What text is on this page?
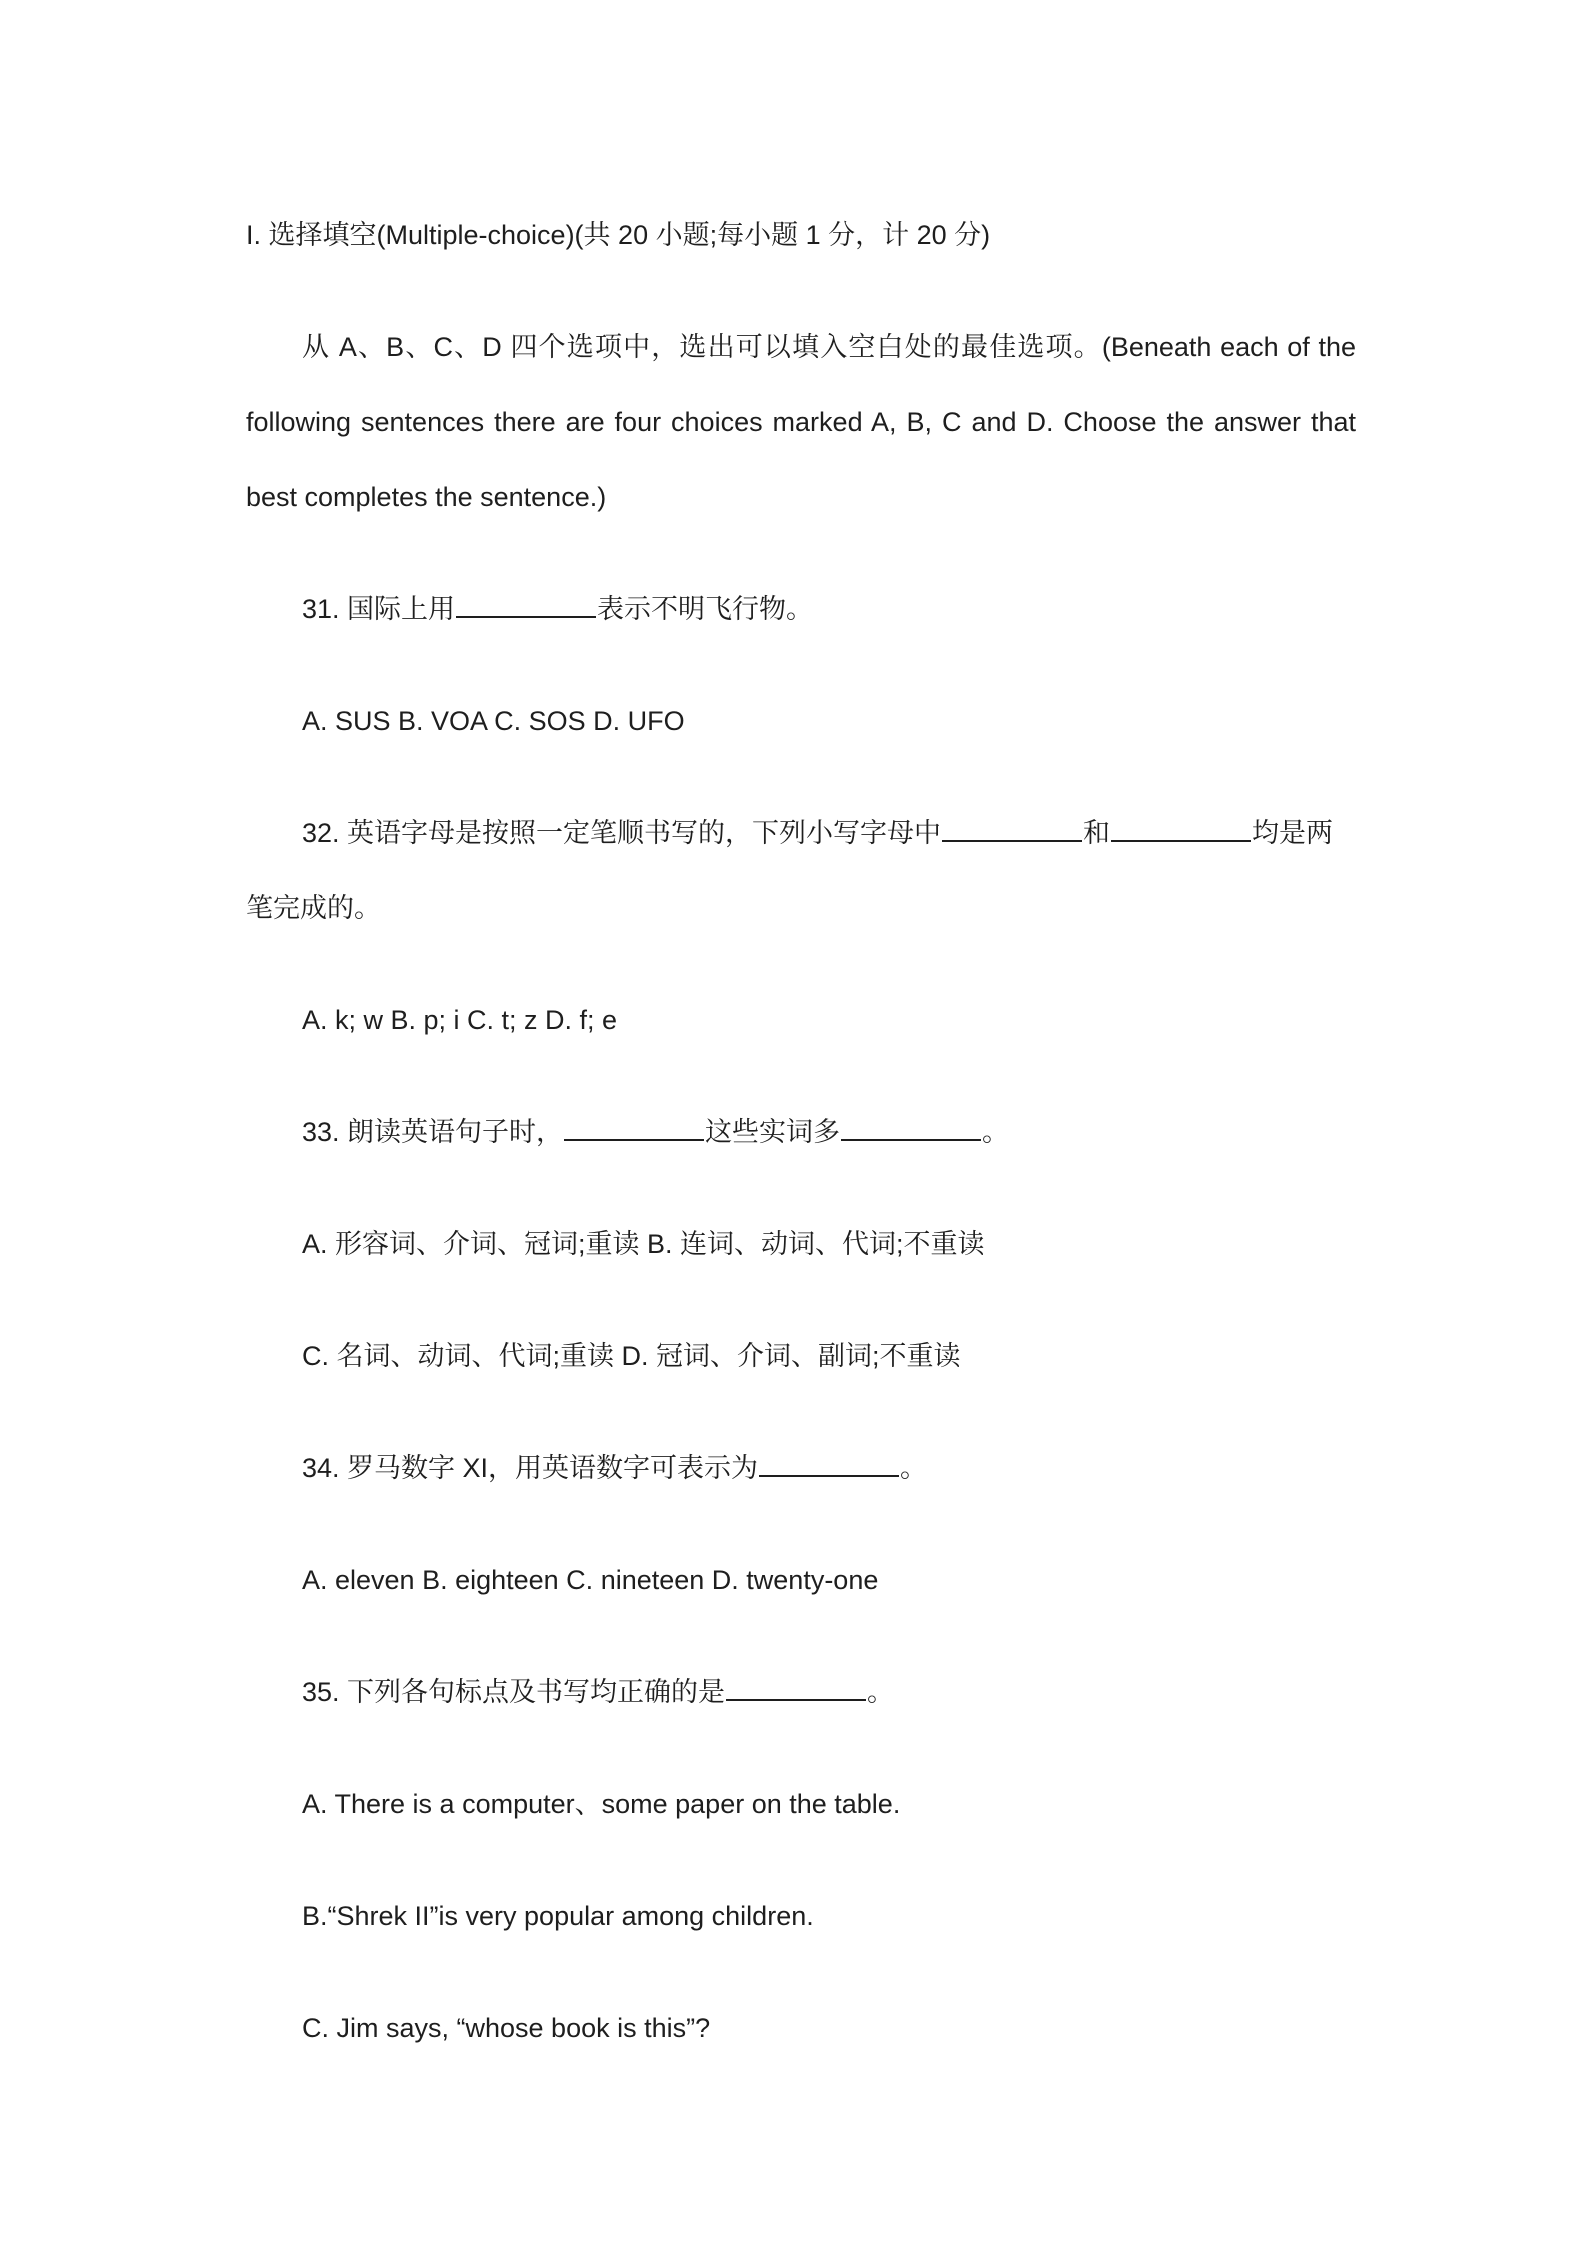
I. 选择填空(Multiple-choice)(共 20 小题;每小题 1 分，计 20 分)
从 A、B、C、D 四个选项中，选出可以填入空白处的最佳选项。(Beneath each of the following sentences there are four choices marked A, B, C and D. Choose the answer that best completes the sentence.)
31. 国际上用	表示不明飞行物。
A. SUS B. VOA C. SOS D. UFO
32. 英语字母是按照一定笔顺书写的，下列小写字母中	和	均是两
笔完成的。
A. k; w B. p; i C. t; z D. f; e
33. 朗读英语句子时，	这些实词多	。
A. 形容词、介词、冠词;重读 B. 连词、动词、代词;不重读
C. 名词、动词、代词;重读 D. 冠词、介词、副词;不重读
34. 罗马数字 XI，用英语数字可表示为	。
A. eleven B. eighteen C. nineteen D. twenty-one
35. 下列各句标点及书写均正确的是	。
A. There is a computer、some paper on the table.
B.“Shrek II”is very popular among children.
C. Jim says, “whose book is this”?
